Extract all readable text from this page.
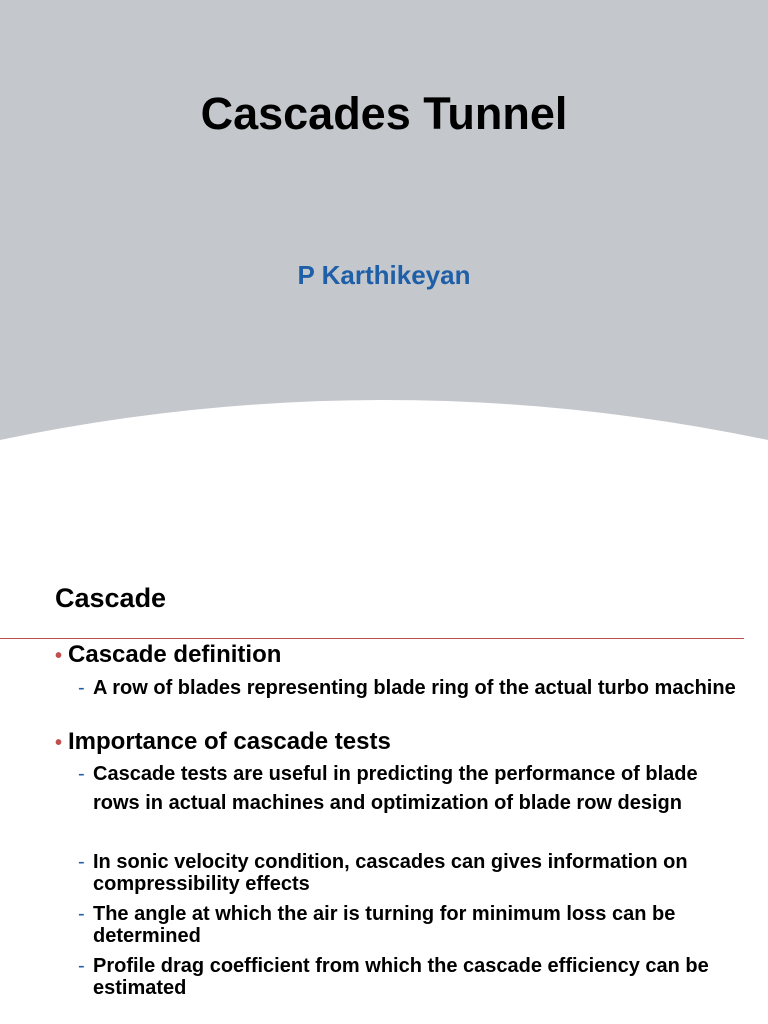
Cascades Tunnel
P Karthikeyan
Cascade
• Cascade definition
- A row of blades representing blade ring of the actual turbo machine
• Importance of cascade tests
- Cascade tests are useful in predicting the performance of blade rows in actual machines and optimization of blade row design
- In sonic velocity condition, cascades can gives information on compressibility effects
- The angle at which the air is turning for minimum loss can be determined
- Profile drag coefficient from which the cascade efficiency can be estimated
